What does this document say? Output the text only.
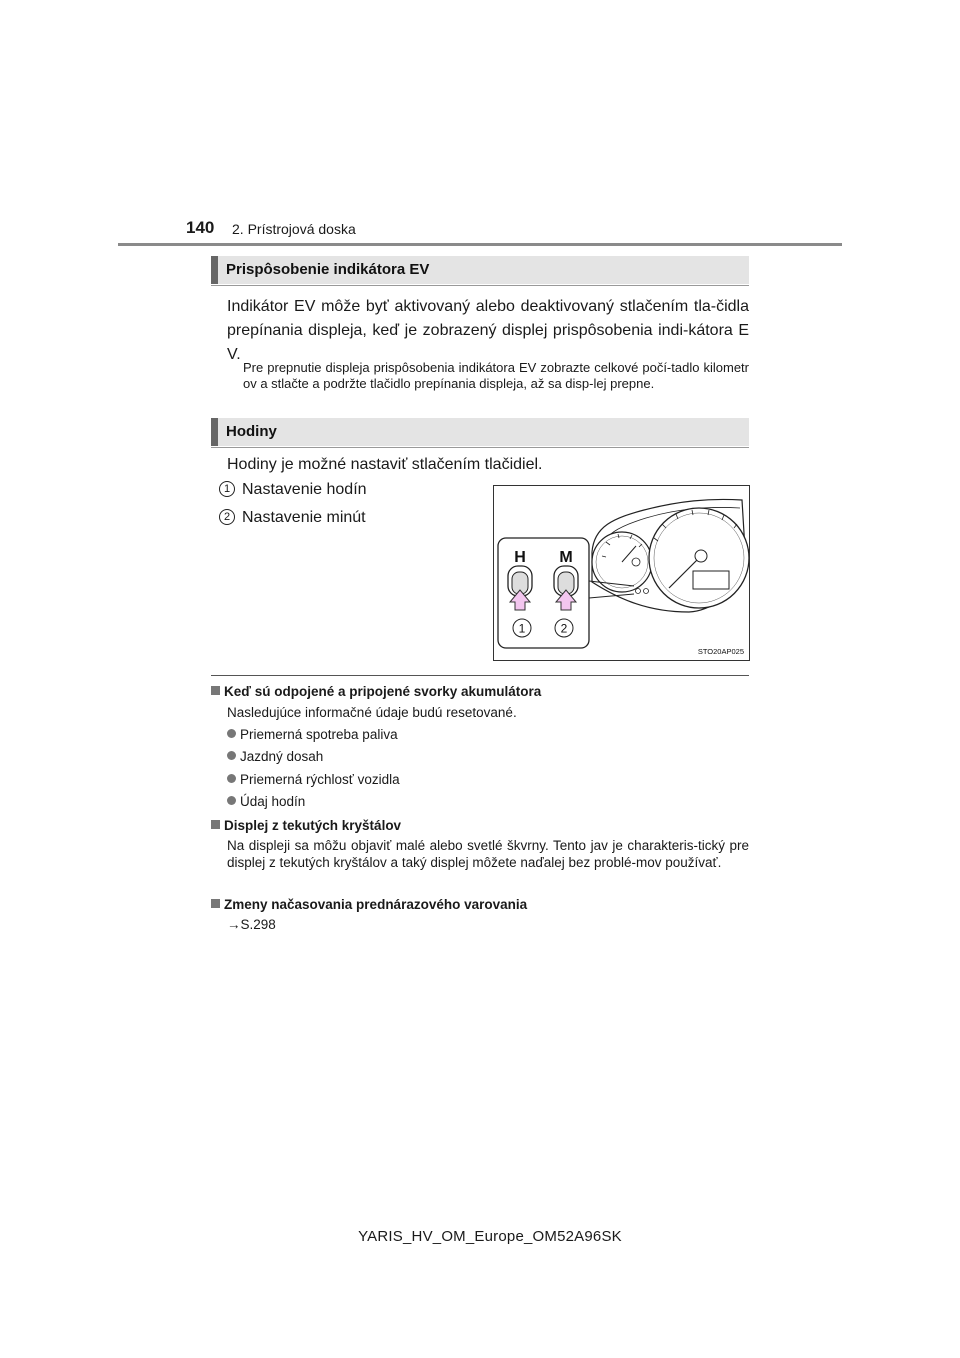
140 2. Prístrojová doska
Prispôsobenie indikátora EV
Indikátor EV môže byť aktivovaný alebo deaktivovaný stlačením tla-čidla prepínania displeja, keď je zobrazený displej prispôsobenia indi-kátora EV.
Pre prepnutie displeja prispôsobenia indikátora EV zobrazte celkové počí-tadlo kilometrov a stlačte a podržte tlačidlo prepínania displeja, až sa disp-lej prepne.
Hodiny
Hodiny je možné nastaviť stlačením tlačidiel.
1 Nastavenie hodín
2 Nastavenie minút
H M
1	2
STO20AP025
Keď sú odpojené a pripojené svorky akumulátora
Nasledujúce informačné údaje budú resetované.
Priemerná spotreba paliva
Jazdný dosah
Priemerná rýchlosť vozidla
Údaj hodín
Displej z tekutých kryštálov
Na displeji sa môžu objaviť malé alebo svetlé škvrny. Tento jav je charakteris-tický pre displej z tekutých kryštálov a taký displej môžete naďalej bez problé-mov používať.
Zmeny načasovania prednárazového varovania
→S.298
YARIS_HV_OM_Europe_OM52A96SK
